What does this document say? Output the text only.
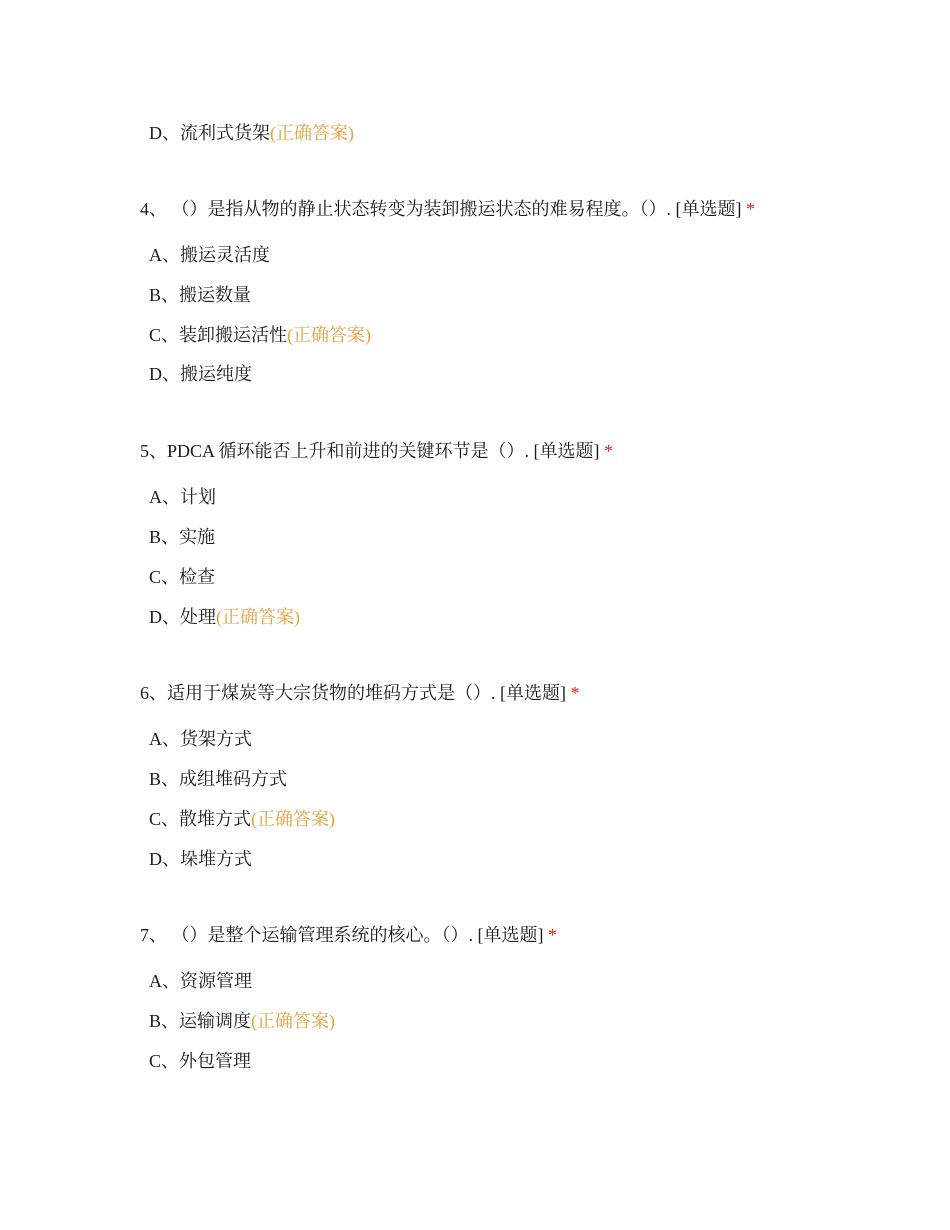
D、流利式货架(正确答案)
4、 （）是指从物的静止状态转变为装卸搬运状态的难易程度。（）. [单选题] *
A、搬运灵活度
B、搬运数量
C、装卸搬运活性(正确答案)
D、搬运纯度
5、PDCA 循环能否上升和前进的关键环节是（）. [单选题] *
A、计划
B、实施
C、检查
D、处理(正确答案)
6、适用于煤炭等大宗货物的堆码方式是（）. [单选题] *
A、货架方式
B、成组堆码方式
C、散堆方式(正确答案)
D、垛堆方式
7、 （）是整个运输管理系统的核心。（）. [单选题] *
A、资源管理
B、运输调度(正确答案)
C、外包管理
